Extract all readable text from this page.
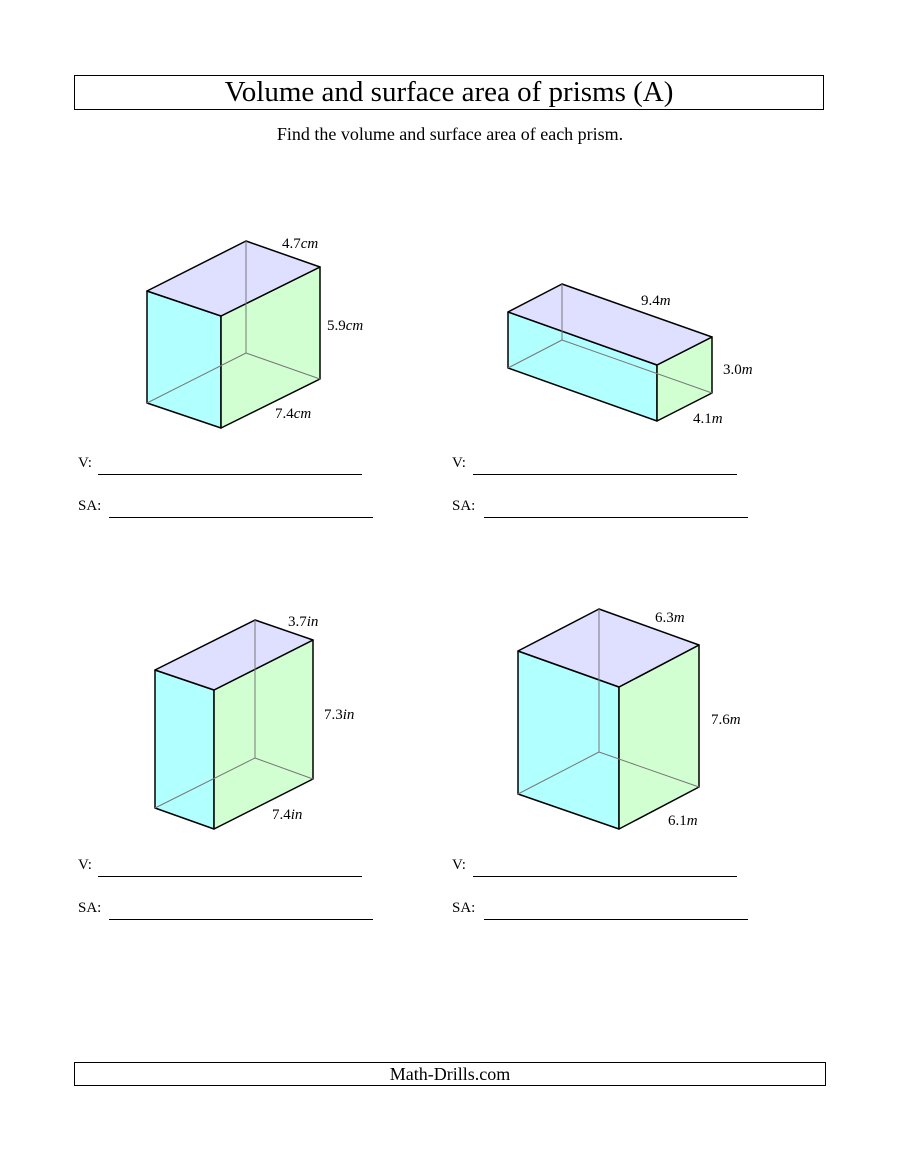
Volume and surface area of prisms (A)
Find the volume and surface area of each prism.
4.7cm
5.9cm
7.4cm
9.4m
3.0m
4.1m
3.7in
7.3in
7.4in
6.3m
7.6m
6.1m
V:
SA:
V:
SA:
V:
SA:
V:
SA:
Math-Drills.com
